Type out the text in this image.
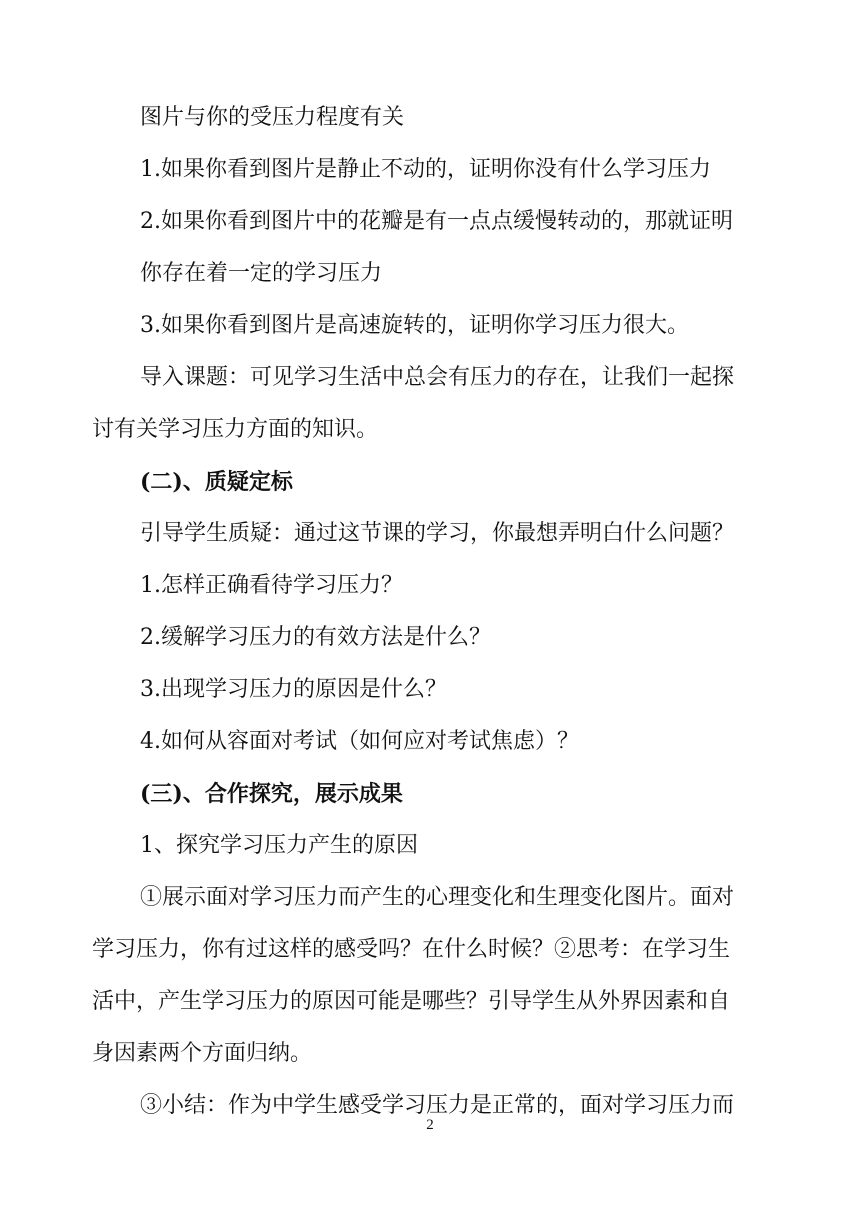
图片与你的受压力程度有关
1.如果你看到图片是静止不动的，证明你没有什么学习压力
2.如果你看到图片中的花瓣是有一点点缓慢转动的，那就证明
你存在着一定的学习压力
3.如果你看到图片是高速旋转的，证明你学习压力很大。
导入课题：可见学习生活中总会有压力的存在，让我们一起探
讨有关学习压力方面的知识。
(二)、质疑定标
引导学生质疑：通过这节课的学习，你最想弄明白什么问题？
1.怎样正确看待学习压力？
2.缓解学习压力的有效方法是什么？
3.出现学习压力的原因是什么？
4.如何从容面对考试（如何应对考试焦虑）？
(三)、合作探究，展示成果
1、探究学习压力产生的原因
①展示面对学习压力而产生的心理变化和生理变化图片。面对
学习压力，你有过这样的感受吗？在什么时候？②思考：在学习生
活中，产生学习压力的原因可能是哪些？引导学生从外界因素和自
身因素两个方面归纳。
③小结：作为中学生感受学习压力是正常的，面对学习压力而
2
